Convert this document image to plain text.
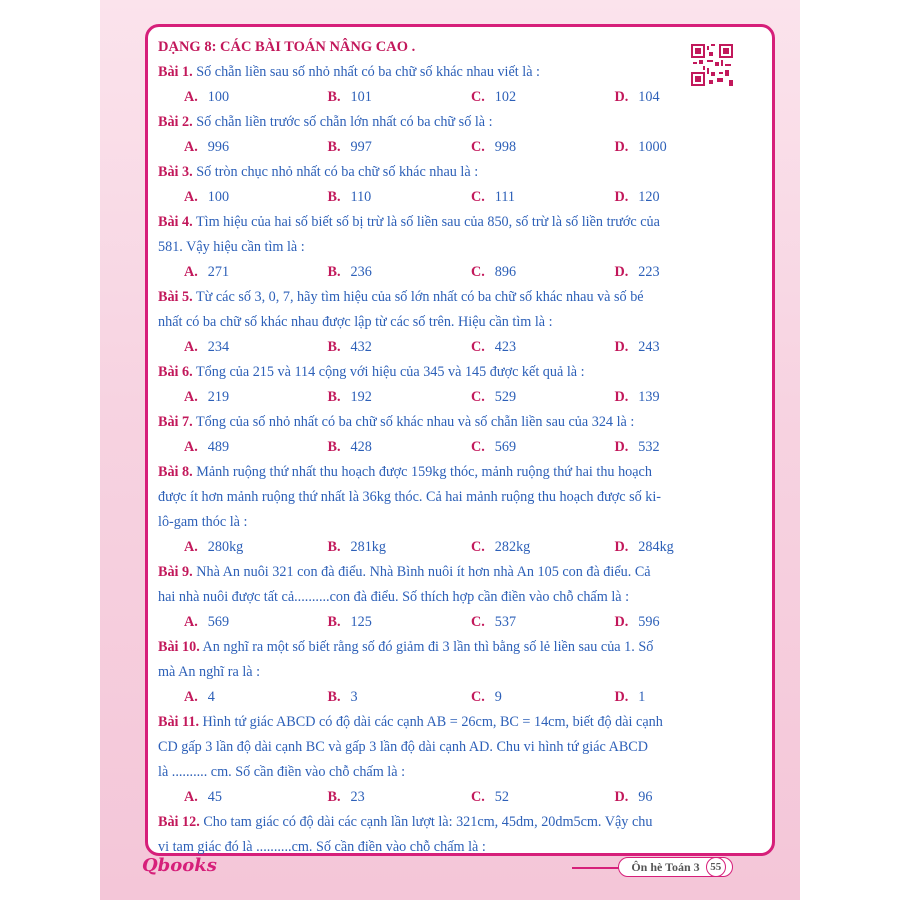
DẠNG 8: CÁC BÀI TOÁN NÂNG CAO .
Bài 1. Số chẵn liền sau số nhỏ nhất có ba chữ số khác nhau viết là :
A. 100	B. 101	C. 102	D. 104
Bài 2. Số chẵn liền trước số chẵn lớn nhất có ba chữ số là :
A. 996	B. 997	C. 998	D. 1000
Bài 3. Số tròn chục nhỏ nhất có ba chữ số khác nhau là :
A. 100	B. 110	C. 111	D. 120
Bài 4. Tìm hiệu của hai số biết số bị trừ là số liền sau của 850, số trừ là số liền trước của
581. Vậy hiệu cần tìm là :
A. 271	B. 236	C. 896	D. 223
Bài 5. Từ các số 3, 0, 7, hãy tìm hiệu của số lớn nhất có ba chữ số khác nhau và số bé
nhất có ba chữ số khác nhau được lập từ các số trên. Hiệu cần tìm là :
A. 234	B. 432	C. 423	D. 243
Bài 6. Tổng của 215 và 114 cộng với hiệu của 345 và 145 được kết quả là :
A. 219	B. 192	C. 529	D. 139
Bài 7. Tổng của số nhỏ nhất có ba chữ số khác nhau và số chẵn liền sau của 324 là :
A. 489	B. 428	C. 569	D. 532
Bài 8. Mảnh ruộng thứ nhất thu hoạch được 159kg thóc, mảnh ruộng thứ hai thu hoạch
được ít hơn mảnh ruộng thứ nhất là 36kg thóc. Cả hai mảnh ruộng thu hoạch được số ki-
lô-gam thóc là :
A. 280kg	B. 281kg	C. 282kg	D. 284kg
Bài 9. Nhà An nuôi 321 con đà điểu. Nhà Bình nuôi ít hơn nhà An 105 con đà điểu. Cả
hai nhà nuôi được tất cả..........con đà điểu. Số thích hợp cần điền vào chỗ chấm là :
A. 569	B. 125	C. 537	D. 596
Bài 10. An nghĩ ra một số biết rằng số đó giảm đi 3 lần thì bằng số lẻ liền sau của 1. Số
mà An nghĩ ra là :
A. 4	B. 3	C. 9	D. 1
Bài 11. Hình tứ giác ABCD có độ dài các cạnh AB = 26cm, BC = 14cm, biết độ dài cạnh
CD gấp 3 lần độ dài cạnh BC và gấp 3 lần độ dài cạnh AD. Chu vi hình tứ giác ABCD
là .......... cm. Số cần điền vào chỗ chấm là :
A. 45	B. 23	C. 52	D. 96
Bài 12. Cho tam giác có độ dài các cạnh lần lượt là: 321cm, 45dm, 20dm5cm. Vậy chu
vi tam giác đó là ..........cm. Số cần điền vào chỗ chấm là :
Qbooks	Ôn hè Toán 3 55
